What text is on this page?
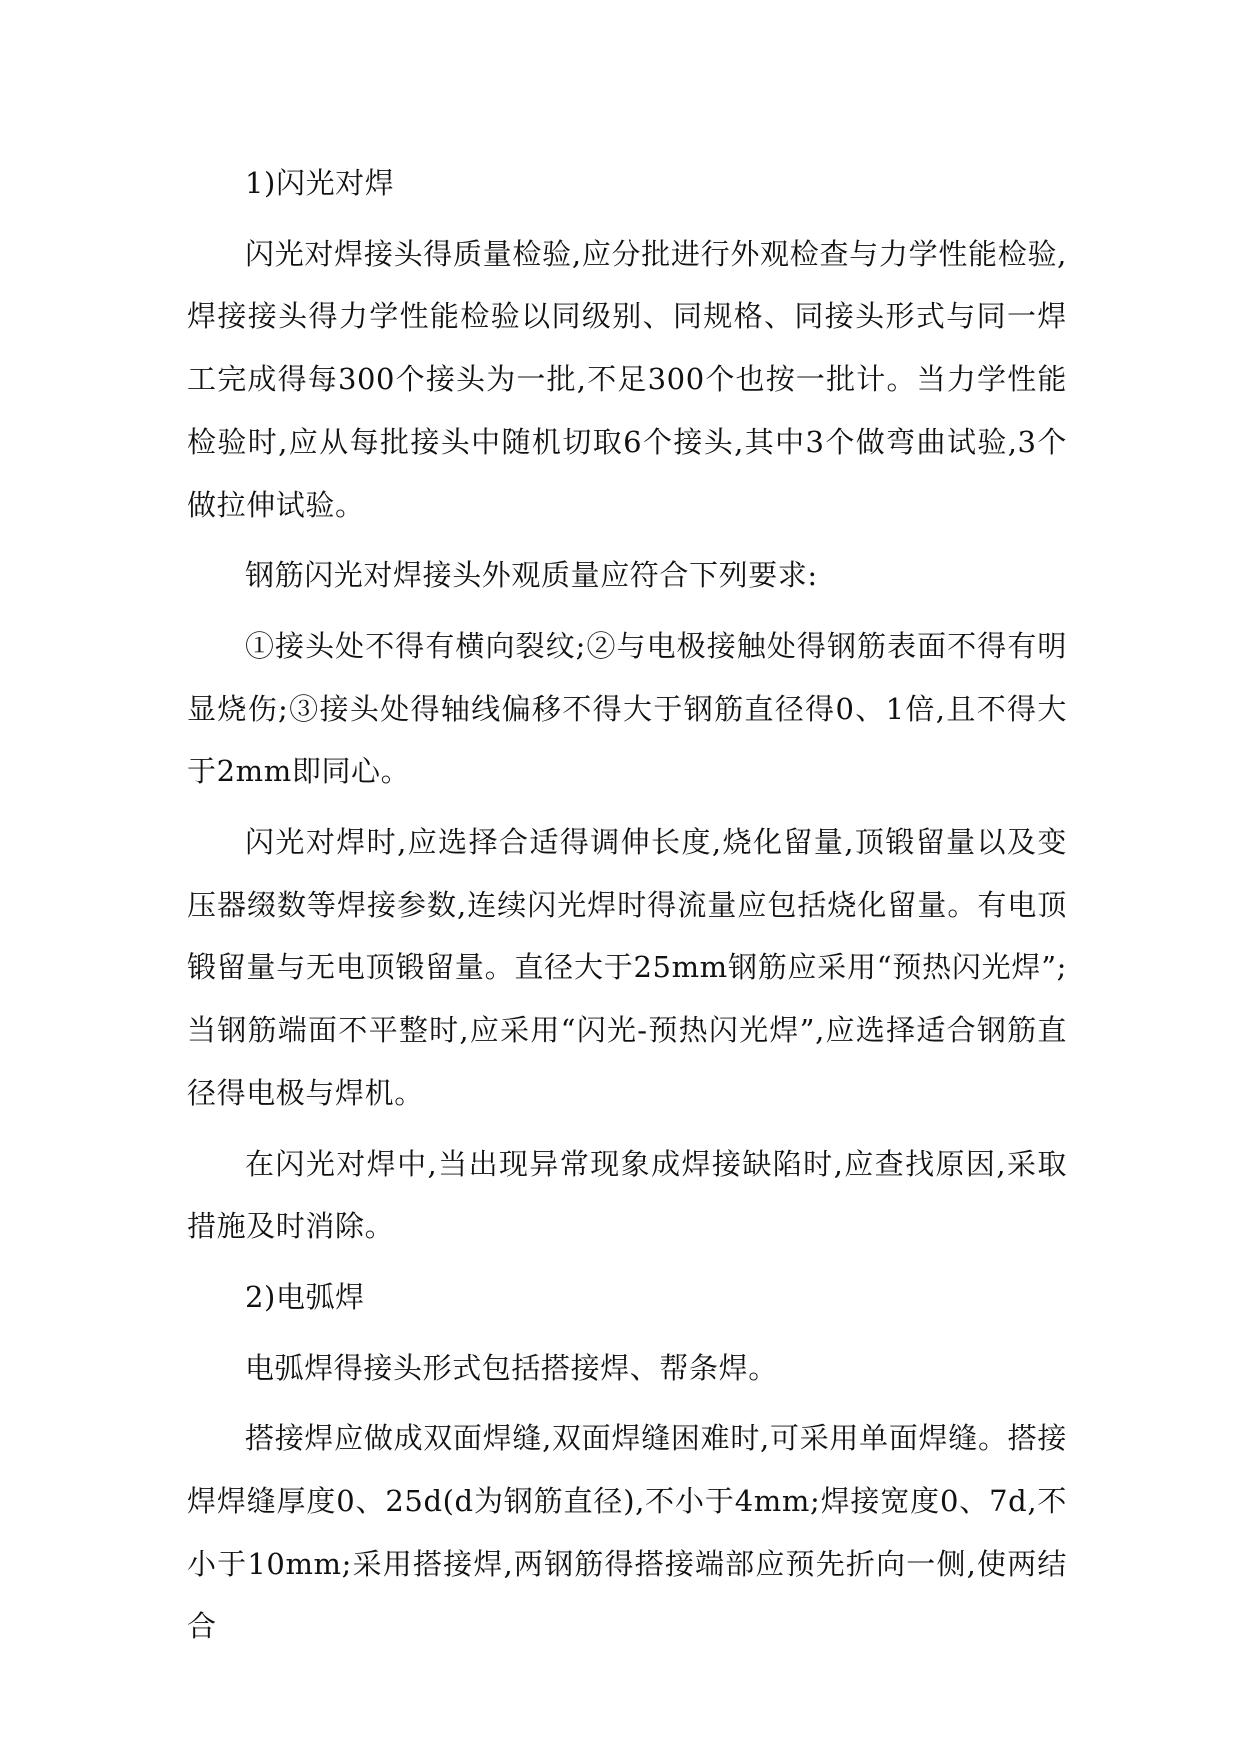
1)闪光对焊

闪光对焊接头得质量检验,应分批进行外观检查与力学性能检验,焊接接头得力学性能检验以同级别、同规格、同接头形式与同一焊工完成得每300个接头为一批,不足300个也按一批计。当力学性能检验时,应从每批接头中随机切取6个接头,其中3个做弯曲试验,3个做拉伸试验。

钢筋闪光对焊接头外观质量应符合下列要求:

①接头处不得有横向裂纹;②与电极接触处得钢筋表面不得有明显烧伤;③接头处得轴线偏移不得大于钢筋直径得0、1倍,且不得大于2mm即同心。

闪光对焊时,应选择合适得调伸长度,烧化留量,顶锻留量以及变压器缀数等焊接参数,连续闪光焊时得流量应包括烧化留量。有电顶锻留量与无电顶锻留量。直径大于25mm钢筋应采用“预热闪光焊”;当钢筋端面不平整时,应采用“闪光-预热闪光焊”,应选择适合钢筋直径得电极与焊机。

在闪光对焊中,当出现异常现象成焊接缺陷时,应查找原因,采取措施及时消除。

2)电弧焊

电弧焊得接头形式包括搭接焊、帮条焊。

搭接焊应做成双面焊缝,双面焊缝困难时,可采用单面焊缝。搭接焊焊缝厚度0、25d(d为钢筋直径),不小于4mm;焊接宽度0、7d,不小于10mm;采用搭接焊,两钢筋得搭接端部应预先折向一侧,使两结合
